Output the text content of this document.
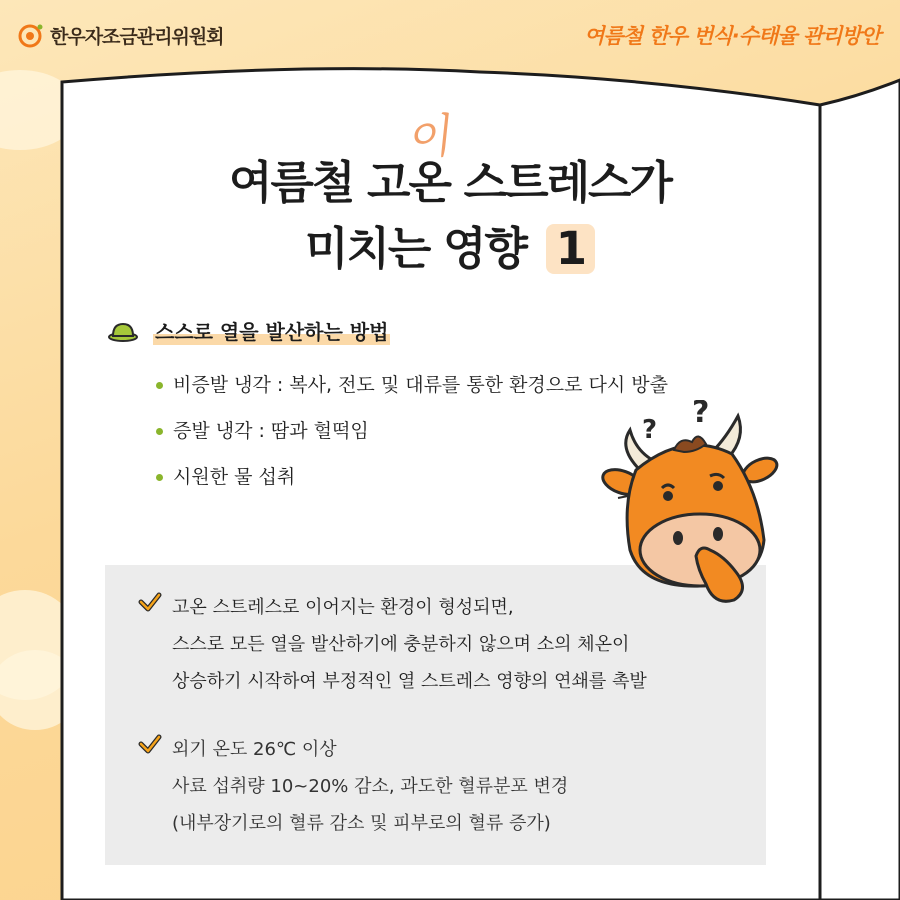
한우자조금관리위원회	여름철 한우 번식·수태율 관리방안
이
여름철 고온 스트레스가
미치는 영향 1
스스로 열을 발산하는 방법
비증발 냉각 : 복사, 전도 및 대류를 통한 환경으로 다시 방출
증발 냉각 : 땀과 헐떡임
시원한 물 섭취
고온 스트레스로 이어지는 환경이 형성되면,
스스로 모든 열을 발산하기에 충분하지 않으며 소의 체온이
상승하기 시작하여 부정적인 열 스트레스 영향의 연쇄를 촉발
외기 온도 26℃ 이상
사료 섭취량 10~20% 감소, 과도한 혈류분포 변경
(내부장기로의 혈류 감소 및 피부로의 혈류 증가)
? ?
